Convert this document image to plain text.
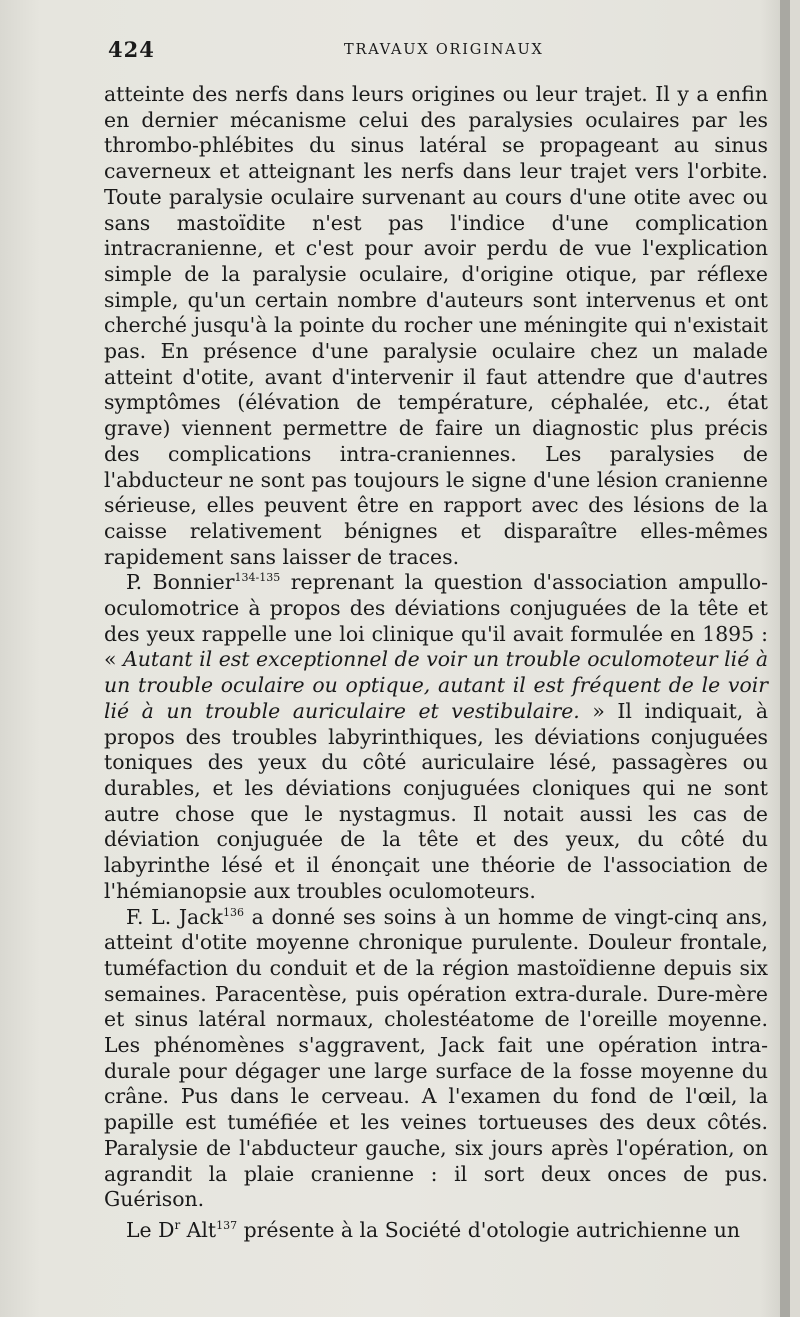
424	TRAVAUX ORIGINAUX

atteinte des nerfs dans leurs origines ou leur trajet. Il y a enfin en dernier mécanisme celui des paralysies oculaires par les thrombo-phlébites du sinus latéral se propageant au sinus caverneux et atteignant les nerfs dans leur trajet vers l'orbite. Toute paralysie oculaire survenant au cours d'une otite avec ou sans mastoïdite n'est pas l'indice d'une complication intracranienne, et c'est pour avoir perdu de vue l'explication simple de la paralysie oculaire, d'origine otique, par réflexe simple, qu'un certain nombre d'auteurs sont intervenus et ont cherché jusqu'à la pointe du rocher une méningite qui n'existait pas. En présence d'une paralysie oculaire chez un malade atteint d'otite, avant d'intervenir il faut attendre que d'autres symptômes (élévation de température, céphalée, etc., état grave) viennent permettre de faire un diagnostic plus précis des complications intra-craniennes. Les paralysies de l'abducteur ne sont pas toujours le signe d'une lésion cranienne sérieuse, elles peuvent être en rapport avec des lésions de la caisse relativement bénignes et disparaître elles-mêmes rapidement sans laisser de traces.

P. Bonnier$^{134-135}$ reprenant la question d'association ampullo-oculomotrice à propos des déviations conjuguées de la tête et des yeux rappelle une loi clinique qu'il avait formulée en 1895 : « Autant il est exceptionnel de voir un trouble oculomoteur lié à un trouble oculaire ou optique, autant il est fréquent de le voir lié à un trouble auriculaire et vestibulaire. » Il indiquait, à propos des troubles labyrinthiques, les déviations conjuguées toniques des yeux du côté auriculaire lésé, passagères ou durables, et les déviations conjuguées cloniques qui ne sont autre chose que le nystagmus. Il notait aussi les cas de déviation conjuguée de la tête et des yeux, du côté du labyrinthe lésé et il énonçait une théorie de l'association de l'hémianopsie aux troubles oculomoteurs.

F. L. Jack$^{136}$ a donné ses soins à un homme de vingt-cinq ans, atteint d'otite moyenne chronique purulente. Douleur frontale, tuméfaction du conduit et de la région mastoïdienne depuis six semaines. Paracentèse, puis opération extra-durale. Dure-mère et sinus latéral normaux, cholestéatome de l'oreille moyenne. Les phénomènes s'aggravent, Jack fait une opération intra-durale pour dégager une large surface de la fosse moyenne du crâne. Pus dans le cerveau. A l'examen du fond de l'œil, la papille est tuméfiée et les veines tortueuses des deux côtés. Paralysie de l'abducteur gauche, six jours après l'opération, on agrandit la plaie cranienne : il sort deux onces de pus. Guérison.

Le $D^r$ Alt$^{137}$ présente à la Société d'otologie autrichienne un
